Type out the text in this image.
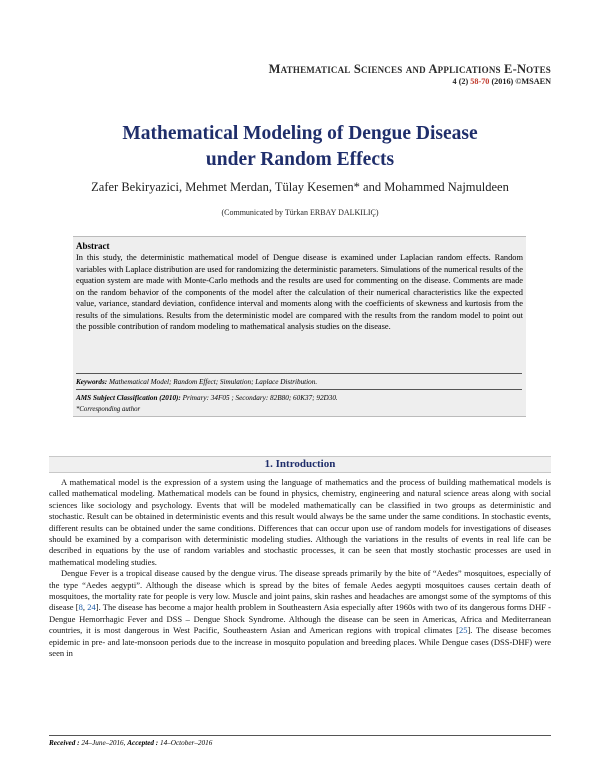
Mathematical Sciences and Applications E-Notes
4 (2) 58-70 (2016) ©MSAEN
Mathematical Modeling of Dengue Disease under Random Effects
Zafer Bekiryazici, Mehmet Merdan, Tülay Kesemen* and Mohammed Najmuldeen
(Communicated by Türkan ERBAY DALKILIÇ)
Abstract
In this study, the deterministic mathematical model of Dengue disease is examined under Laplacian random effects. Random variables with Laplace distribution are used for randomizing the deterministic parameters. Simulations of the numerical results of the equation system are made with Monte-Carlo methods and the results are used for commenting on the disease. Comments are made on the random behavior of the components of the model after the calculation of their numerical characteristics like the expected value, variance, standard deviation, confidence interval and moments along with the coefficients of skewness and kurtosis from the results of the simulations. Results from the deterministic model are compared with the results from the random model to point out the possible contribution of random modeling to mathematical analysis studies on the disease.
Keywords: Mathematical Model; Random Effect; Simulation; Laplace Distribution.
AMS Subject Classification (2010): Primary: 34F05 ; Secondary: 82B80; 60K37; 92D30.
*Corresponding author
1. Introduction

A mathematical model is the expression of a system using the language of mathematics and the process of building mathematical models is called mathematical modeling. Mathematical models can be found in physics, chemistry, engineering and natural science areas along with social sciences like sociology and psychology. Events that will be modeled mathematically can be classified in two groups as deterministic and stochastic. Result can be obtained in deterministic events and this result would always be the same under the same conditions. In stochastic events, different results can be obtained under the same conditions. Differences that can occur upon use of random models for investigations of diseases should be examined by a comparison with deterministic modeling studies. Although the variations in the results of events in real life can be described in equations by the use of random variables and stochastic processes, it can be seen that mostly stochastic processes are used in mathematical modeling studies.

Dengue Fever is a tropical disease caused by the dengue virus. The disease spreads primarily by the bite of “Aedes” mosquitoes, especially of the type “Aedes aegypti”. Although the disease which is spread by the bites of female Aedes aegypti mosquitoes causes certain death of mosquitoes, the mortality rate for people is very low. Muscle and joint pains, skin rashes and headaches are amongst some of the symptoms of this disease [8, 24]. The disease has become a major health problem in Southeastern Asia especially after 1960s with two of its dangerous forms DHF - Dengue Hemorrhagic Fever and DSS – Dengue Shock Syndrome. Although the disease can be seen in Americas, Africa and Mediterranean countries, it is most dangerous in West Pacific, Southeastern Asian and American regions with tropical climates [25]. The disease becomes epidemic in pre- and late-monsoon periods due to the increase in mosquito population and breeding places. While Dengue cases (DSS-DHF) were seen in

Received : 24–June–2016, Accepted : 14–October–2016
